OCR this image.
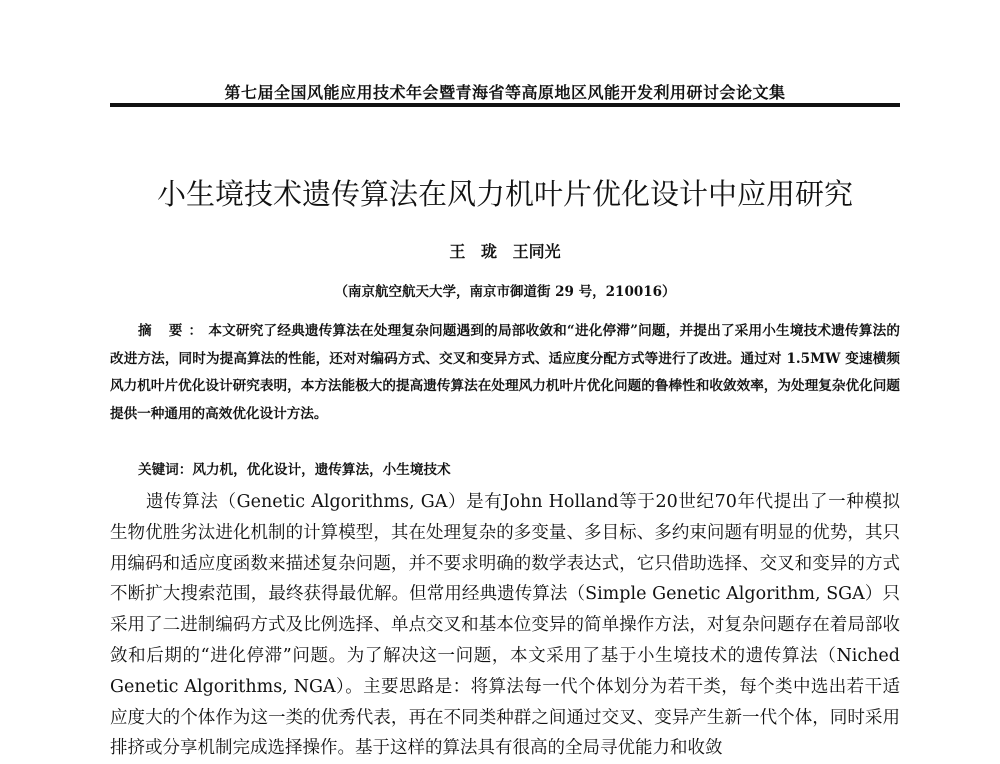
第七届全国风能应用技术年会暨青海省等高原地区风能开发利用研讨会论文集
小生境技术遗传算法在风力机叶片优化设计中应用研究
王 珑 王同光
（南京航空航天大学，南京市御道街 29 号，210016）
摘 要：本文研究了经典遗传算法在处理复杂问题遇到的局部收敛和“进化停滞”问题，并提出了采用小生境技术遗传算法的改进方法，同时为提高算法的性能，还对对编码方式、交叉和变异方式、适应度分配方式等进行了改进。通过对 1.5MW 变速横频风力机叶片优化设计研究表明，本方法能极大的提高遗传算法在处理风力机叶片优化问题的鲁棒性和收敛效率，为处理复杂优化问题提供一种通用的高效优化设计方法。
关键词：风力机，优化设计，遗传算法，小生境技术
遗传算法（Genetic Algorithms, GA）是有John Holland等于20世纪70年代提出了一种模拟生物优胜劣汰进化机制的计算模型，其在处理复杂的多变量、多目标、多约束问题有明显的优势，其只用编码和适应度函数来描述复杂问题，并不要求明确的数学表达式，它只借助选择、交叉和变异的方式不断扩大搜索范围，最终获得最优解。但常用经典遗传算法（Simple Genetic Algorithm, SGA）只采用了二进制编码方式及比例选择、单点交叉和基本位变异的简单操作方法，对复杂问题存在着局部收敛和后期的“进化停滞”问题。为了解决这一问题，本文采用了基于小生境技术的遗传算法（Niched Genetic Algorithms, NGA）。主要思路是：将算法每一代个体划分为若干类，每个类中选出若干适应度大的个体作为这一类的优秀代表，再在不同类种群之间通过交叉、变异产生新一代个体，同时采用排挤或分享机制完成选择操作。基于这样的算法具有很高的全局寻优能力和收敛
